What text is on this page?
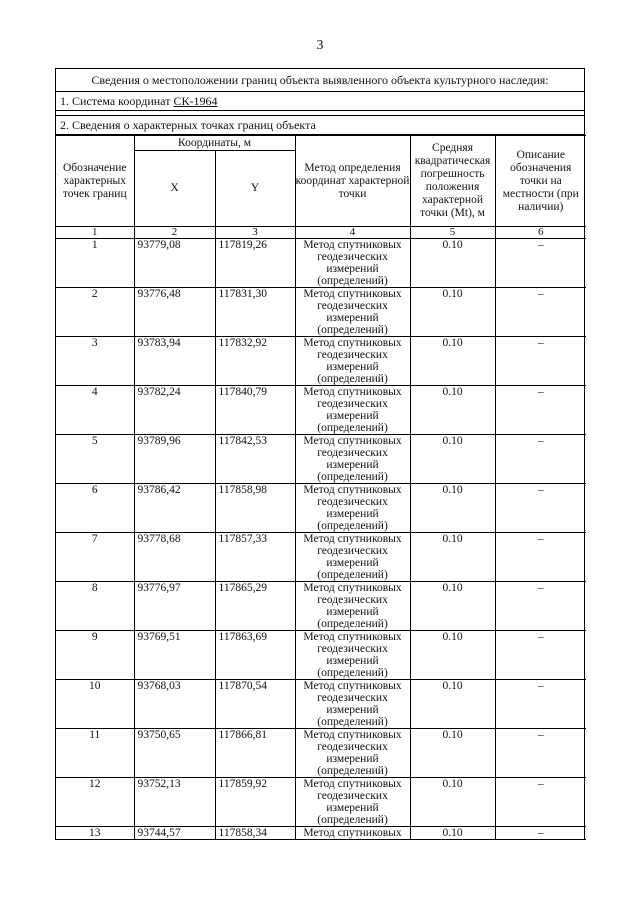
3
Сведения о местоположении границ объекта выявленного объекта культурного наследия:
1. Система координат СК-1964
2. Сведения о характерных точках границ объекта
Обозначение характерных точек границ	Координаты, м		Метод определения координат характерной точки	Средняя квадратическая погрешность положения характерной точки (Mt), м	Описание обозначения точки на местности (при наличии)
	X	Y			
1	2	3	4	5	6
1	93779,08	117819,26	Метод спутниковых геодезических измерений (определений)	0.10	–
2	93776,48	117831,30	Метод спутниковых геодезических измерений (определений)	0.10	–
3	93783,94	117832,92	Метод спутниковых геодезических измерений (определений)	0.10	–
4	93782,24	117840,79	Метод спутниковых геодезических измерений (определений)	0.10	–
5	93789,96	117842,53	Метод спутниковых геодезических измерений (определений)	0.10	–
6	93786,42	117858,98	Метод спутниковых геодезических измерений (определений)	0.10	–
7	93778,68	117857,33	Метод спутниковых геодезических измерений (определений)	0.10	–
8	93776,97	117865,29	Метод спутниковых геодезических измерений (определений)	0.10	–
9	93769,51	117863,69	Метод спутниковых геодезических измерений (определений)	0.10	–
10	93768,03	117870,54	Метод спутниковых геодезических измерений (определений)	0.10	–
11	93750,65	117866,81	Метод спутниковых геодезических измерений (определений)	0.10	–
12	93752,13	117859,92	Метод спутниковых геодезических измерений (определений)	0.10	–
13	93744,57	117858,34	Метод спутниковых	0.10	–
